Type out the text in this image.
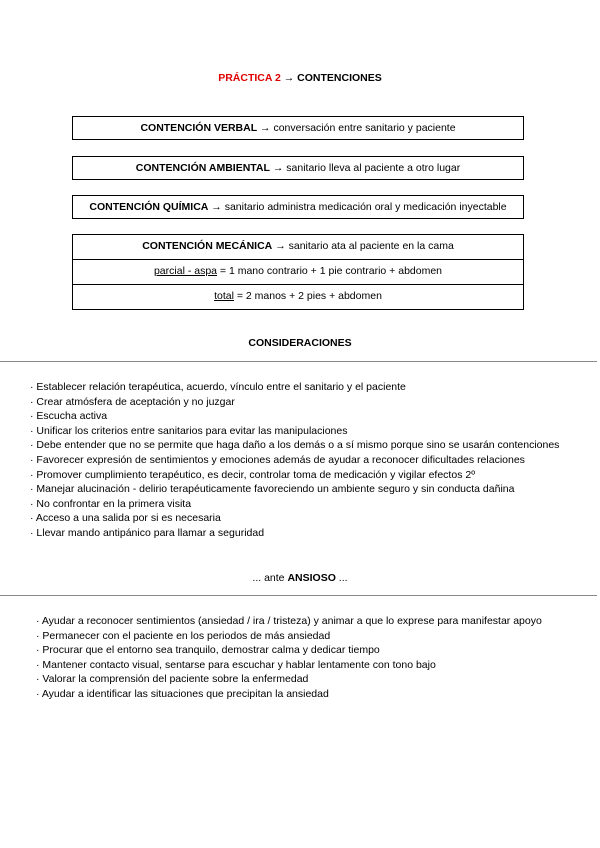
PRÁCTICA 2 → CONTENCIONES
CONTENCIÓN VERBAL → conversación entre sanitario y paciente
CONTENCIÓN AMBIENTAL → sanitario lleva al paciente a otro lugar
CONTENCIÓN QUÍMICA → sanitario administra medicación oral y medicación inyectable
CONTENCIÓN MECÁNICA → sanitario ata al paciente en la cama
parcial - aspa = 1 mano contrario + 1 pie contrario + abdomen
total = 2 manos + 2 pies + abdomen
CONSIDERACIONES
· Establecer relación terapéutica, acuerdo, vínculo entre el sanitario y el paciente
· Crear atmósfera de aceptación y no juzgar
· Escucha activa
· Unificar los criterios entre sanitarios para evitar las manipulaciones
· Debe entender que no se permite que haga daño a los demás o a sí mismo porque sino se usarán contenciones
· Favorecer expresión de sentimientos y emociones además de ayudar a reconocer dificultades relaciones
· Promover cumplimiento terapéutico, es decir, controlar toma de medicación y vigilar efectos 2º
· Manejar alucinación - delirio terapéuticamente favoreciendo un ambiente seguro y sin conducta dañina
· No confrontar en la primera visita
· Acceso a una salida por si es necesaria
· Llevar mando antipánico para llamar a seguridad
... ante ANSIOSO ...
· Ayudar a reconocer sentimientos (ansiedad / ira / tristeza) y animar a que lo exprese para manifestar apoyo
· Permanecer con el paciente en los periodos de más ansiedad
· Procurar que el entorno sea tranquilo, demostrar calma y dedicar tiempo
· Mantener contacto visual, sentarse para escuchar y hablar lentamente con tono bajo
· Valorar la comprensión del paciente sobre la enfermedad
· Ayudar a identificar las situaciones que precipitan la ansiedad
